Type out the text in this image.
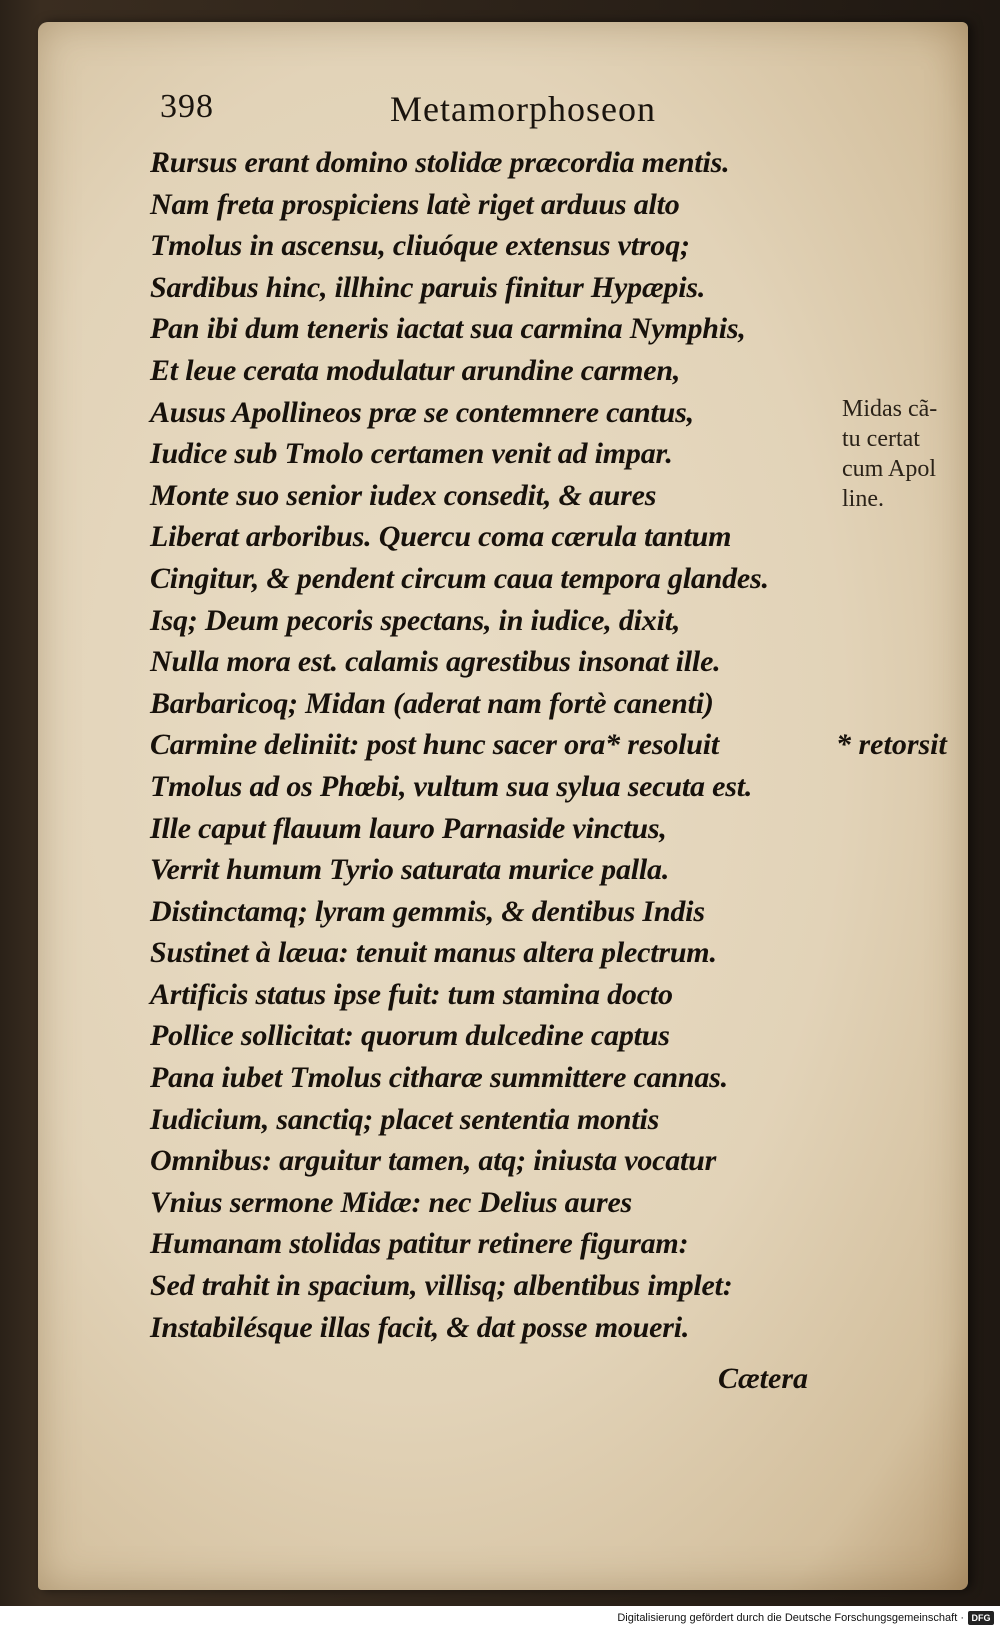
398	Metamorphoseon
Rursus erant domino stolidæ præcordia mentis.
Nam freta prospiciens latè riget arduus alto
Tmolus in ascensu, cliuóque extensus vtroq;
Sardibus hinc, illhinc paruis finitur Hypæpis.
Pan ibi dum teneris iactat sua carmina Nymphis,
Et leue cerata modulatur arundine carmen,
Ausus Apollineos præ se contemnere cantus,
Iudice sub Tmolo certamen venit ad impar.
Monte suo senior iudex consedit, & aures
Liberat arboribus. Quercu coma cærula tantum
Cingitur, & pendent circum caua tempora glandes.
Isq; Deum pecoris spectans, in iudice, dixit,
Nulla mora est. calamis agrestibus insonat ille.
Barbaricoq; Midan (aderat nam fortè canenti)
Carmine deliniit: post hunc sacer ora* resoluit
Tmolus ad os Phœbi, vultum sua sylua secuta est.
Ille caput flauum lauro Parnaside vinctus,
Verrit humum Tyrio saturata murice palla.
Distinctamq; lyram gemmis, & dentibus Indis
Sustinet à læua: tenuit manus altera plectrum.
Artificis status ipse fuit: tum stamina docto
Pollice sollicitat: quorum dulcedine captus
Pana iubet Tmolus citharæ summittere cannas.
Iudicium, sanctiq; placet sententia montis
Omnibus: arguitur tamen, atq; iniusta vocatur
Vnius sermone Midæ: nec Delius aures
Humanam stolidas patitur retinere figuram:
Sed trahit in spacium, villisq; albentibus implet:
Instabilésque illas facit, & dat posse moueri.
Cætera
Midas cã-
tu certat
cum Apol
line.
* retorsit
Digitalisierung gefördert durch die Deutsche Forschungsgemeinschaft · DFG
